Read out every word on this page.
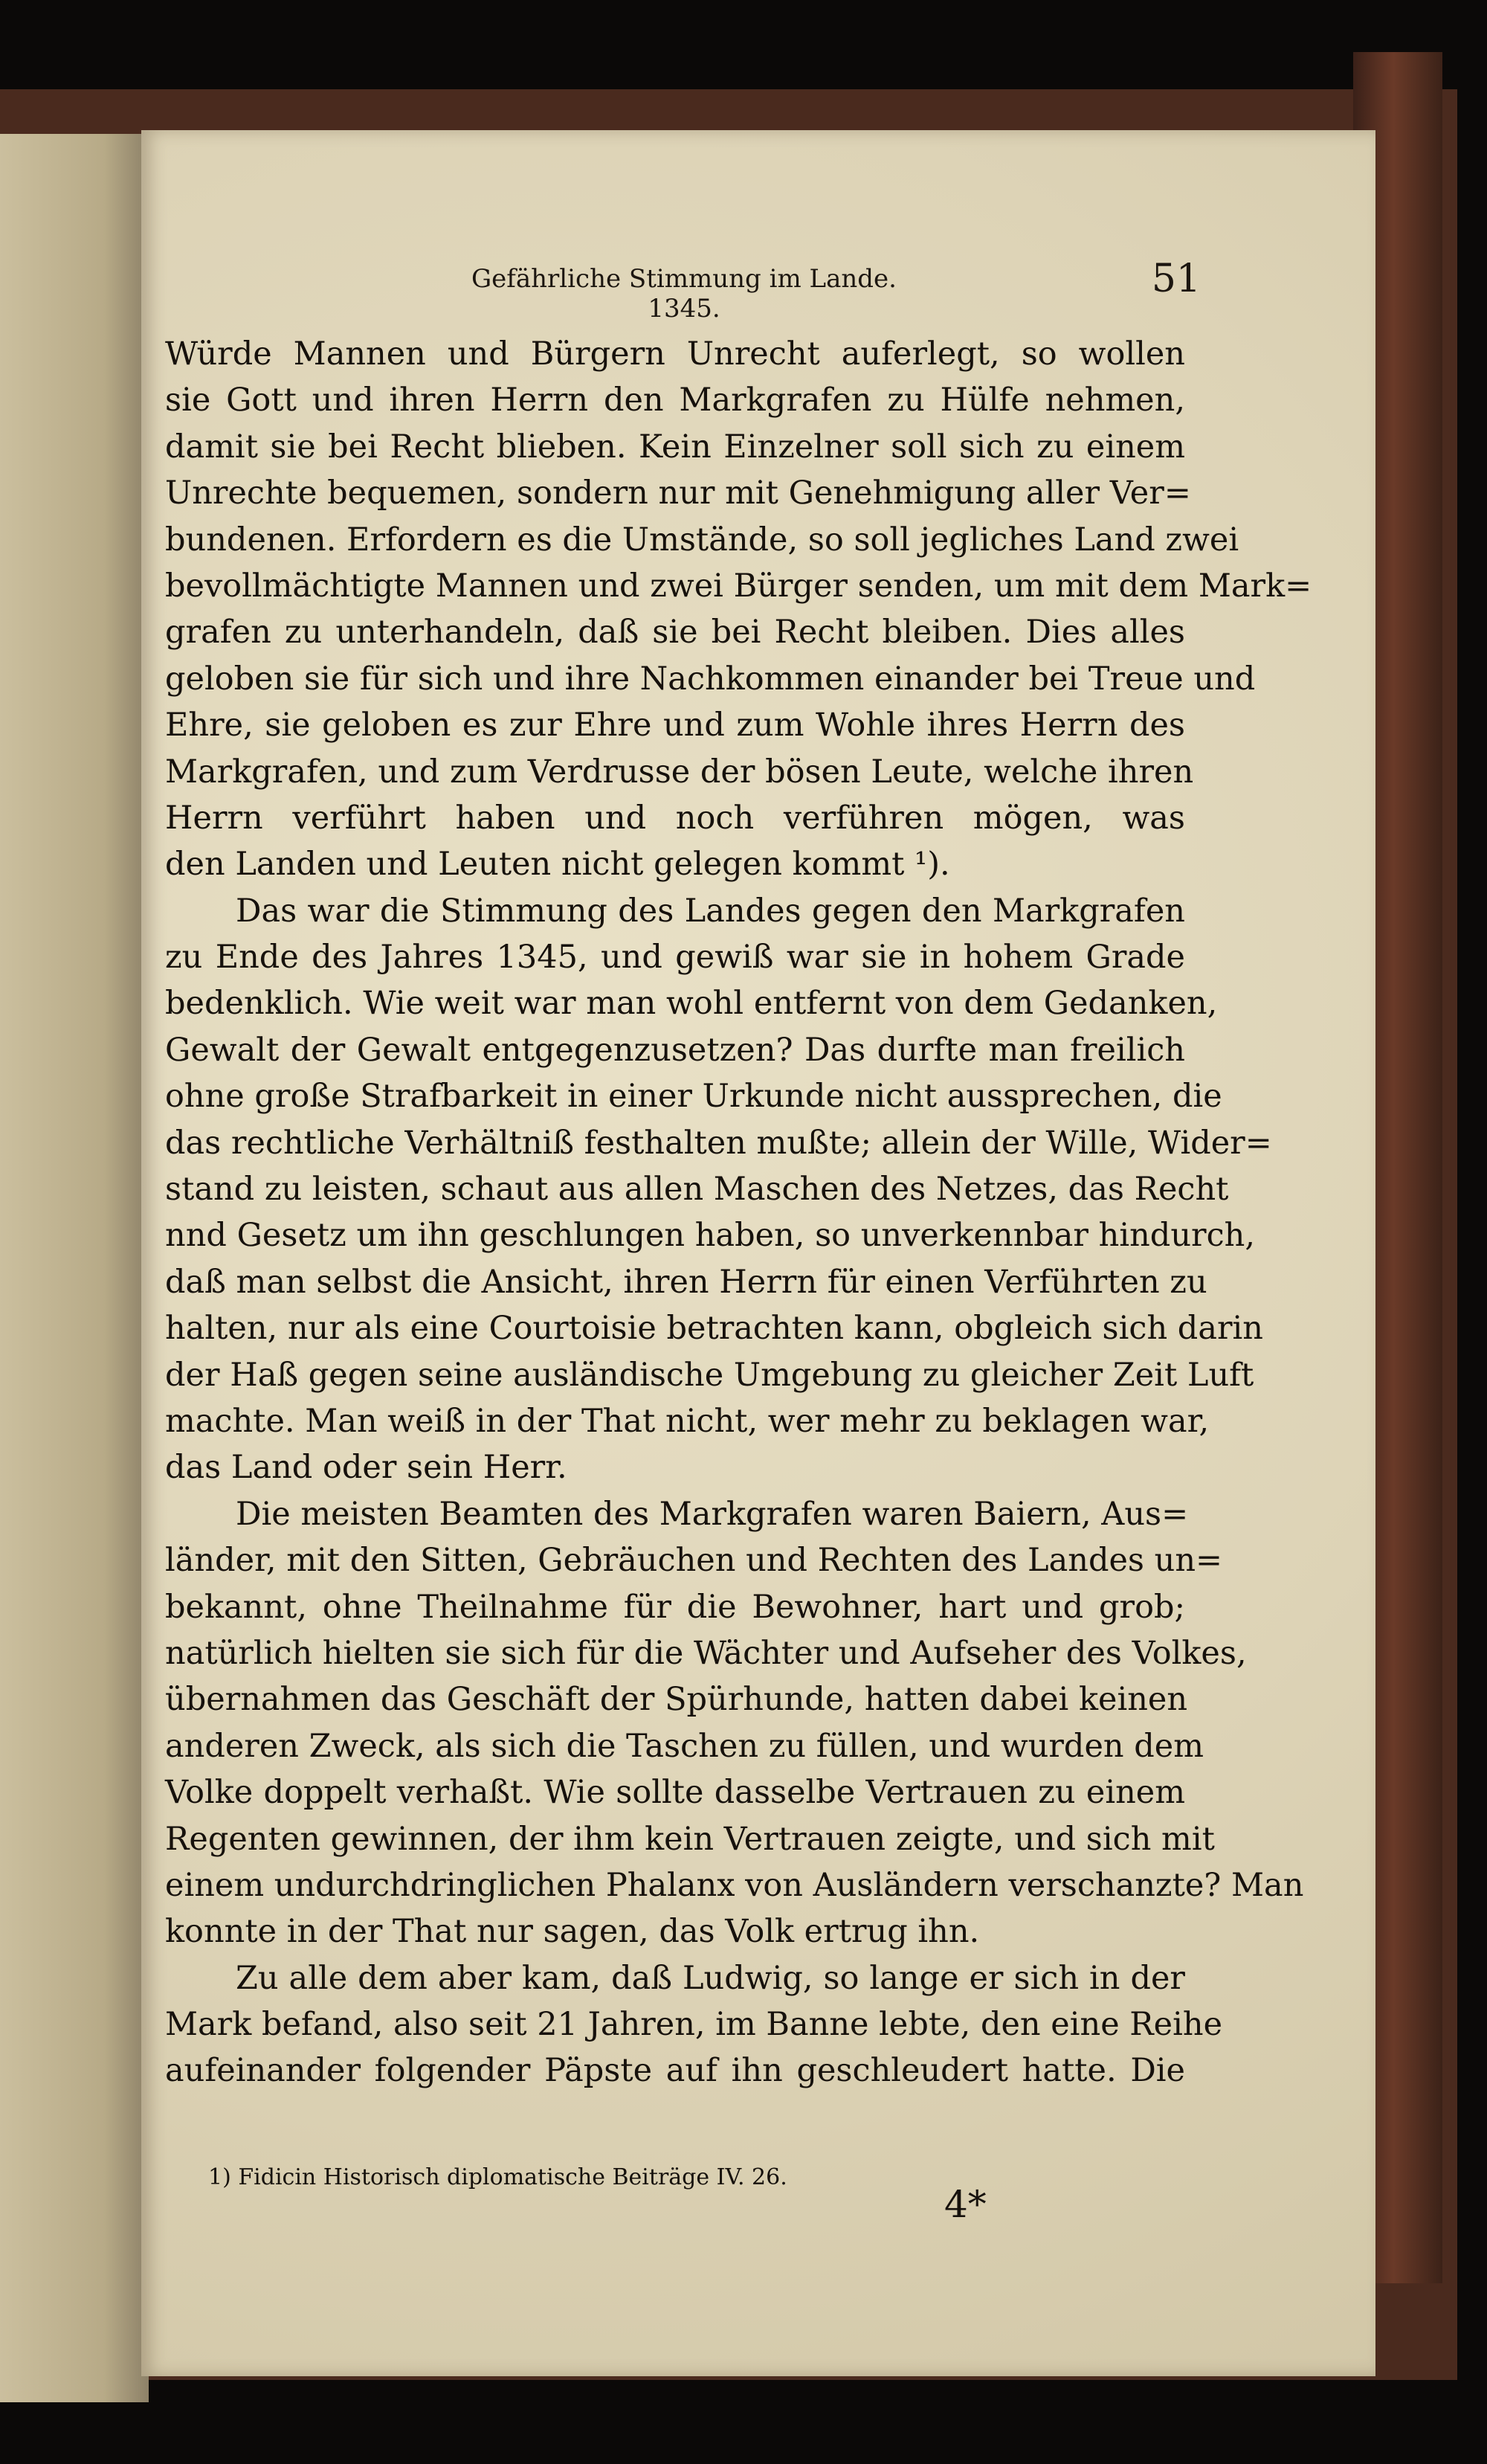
Gefährliche Stimmung im Lande. 1345.
51
Würde Mannen und Bürgern Unrecht auferlegt, so wollen
sie Gott und ihren Herrn den Markgrafen zu Hülfe nehmen,
damit sie bei Recht blieben. Kein Einzelner soll sich zu einem
Unrechte bequemen, sondern nur mit Genehmigung aller Ver=
bundenen. Erfordern es die Umstände, so soll jegliches Land zwei
bevollmächtigte Mannen und zwei Bürger senden, um mit dem Mark=
grafen zu unterhandeln, daß sie bei Recht bleiben. Dies alles
geloben sie für sich und ihre Nachkommen einander bei Treue und
Ehre, sie geloben es zur Ehre und zum Wohle ihres Herrn des
Markgrafen, und zum Verdrusse der bösen Leute, welche ihren
Herrn verführt haben und noch verführen mögen, was
den Landen und Leuten nicht gelegen kommt ¹).
Das war die Stimmung des Landes gegen den Markgrafen
zu Ende des Jahres 1345, und gewiß war sie in hohem Grade
bedenklich. Wie weit war man wohl entfernt von dem Gedanken,
Gewalt der Gewalt entgegenzusetzen? Das durfte man freilich
ohne große Strafbarkeit in einer Urkunde nicht aussprechen, die
das rechtliche Verhältniß festhalten mußte; allein der Wille, Wider=
stand zu leisten, schaut aus allen Maschen des Netzes, das Recht
nnd Gesetz um ihn geschlungen haben, so unverkennbar hindurch,
daß man selbst die Ansicht, ihren Herrn für einen Verführten zu
halten, nur als eine Courtoisie betrachten kann, obgleich sich darin
der Haß gegen seine ausländische Umgebung zu gleicher Zeit Luft
machte. Man weiß in der That nicht, wer mehr zu beklagen war,
das Land oder sein Herr.
Die meisten Beamten des Markgrafen waren Baiern, Aus=
länder, mit den Sitten, Gebräuchen und Rechten des Landes un=
bekannt, ohne Theilnahme für die Bewohner, hart und grob;
natürlich hielten sie sich für die Wächter und Aufseher des Volkes,
übernahmen das Geschäft der Spürhunde, hatten dabei keinen
anderen Zweck, als sich die Taschen zu füllen, und wurden dem
Volke doppelt verhaßt. Wie sollte dasselbe Vertrauen zu einem
Regenten gewinnen, der ihm kein Vertrauen zeigte, und sich mit
einem undurchdringlichen Phalanx von Ausländern verschanzte? Man
konnte in der That nur sagen, das Volk ertrug ihn.
Zu alle dem aber kam, daß Ludwig, so lange er sich in der
Mark befand, also seit 21 Jahren, im Banne lebte, den eine Reihe
aufeinander folgender Päpste auf ihn geschleudert hatte. Die
1) Fidicin Historisch diplomatische Beiträge IV. 26.
4*
